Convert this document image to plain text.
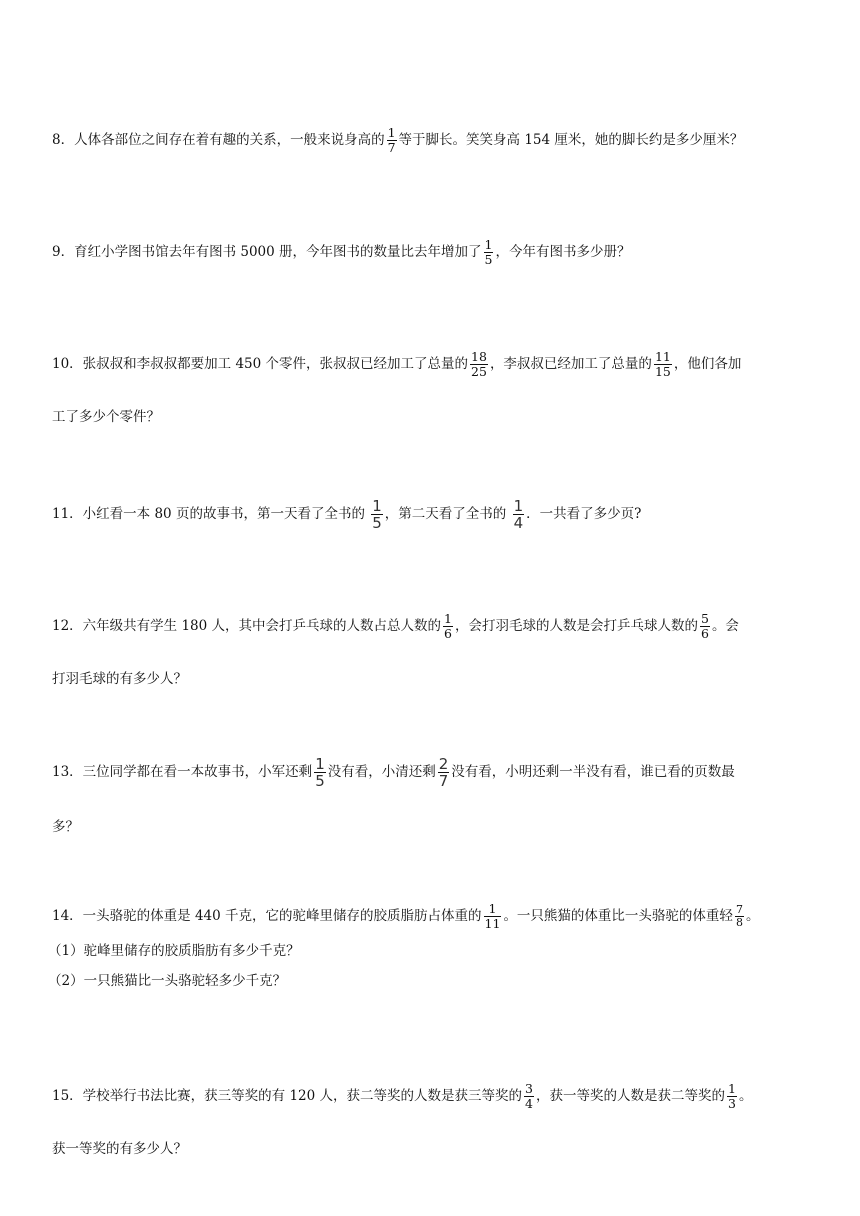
8．人体各部位之间存在着有趣的关系，一般来说身高的 $\frac{1}{7}$ 等于脚长。笑笑身高 154 厘米，她的脚长约是多少厘米？
9．育红小学图书馆去年有图书 5000 册，今年图书的数量比去年增加了 $\frac{1}{5}$ ，今年有图书多少册？
10．张叔叔和李叔叔都要加工 450 个零件，张叔叔已经加工了总量的 $\frac{18}{25}$ ，李叔叔已经加工了总量的 $\frac{11}{15}$ ，他们各加
工了多少个零件？
11．小红看一本 80 页的故事书，第一天看了全书的 $\frac{1}{5}$ ，第二天看了全书的 $\frac{1}{4}$ ．一共看了多少页?
12．六年级共有学生 180 人，其中会打乒乓球的人数占总人数的 $\frac{1}{6}$ ，会打羽毛球的人数是会打乒乓球人数的 $\frac{5}{6}$ 。会
打羽毛球的有多少人？
13．三位同学都在看一本故事书，小军还剩 $\frac{1}{5}$ 没有看，小清还剩 $\frac{2}{7}$ 没有看，小明还剩一半没有看，谁已看的页数最
多？
14．一头骆驼的体重是 440 千克，它的驼峰里储存的胶质脂肪占体重的 $\frac{1}{11}$ 。一只熊猫的体重比一头骆驼的体重轻 $\frac{7}{8}$ 。
（1）驼峰里储存的胶质脂肪有多少千克？
（2）一只熊猫比一头骆驼轻多少千克？
15．学校举行书法比赛，获三等奖的有 120 人，获二等奖的人数是获三等奖的 $\frac{3}{4}$ ，获一等奖的人数是获二等奖的 $\frac{1}{3}$ 。
获一等奖的有多少人？
